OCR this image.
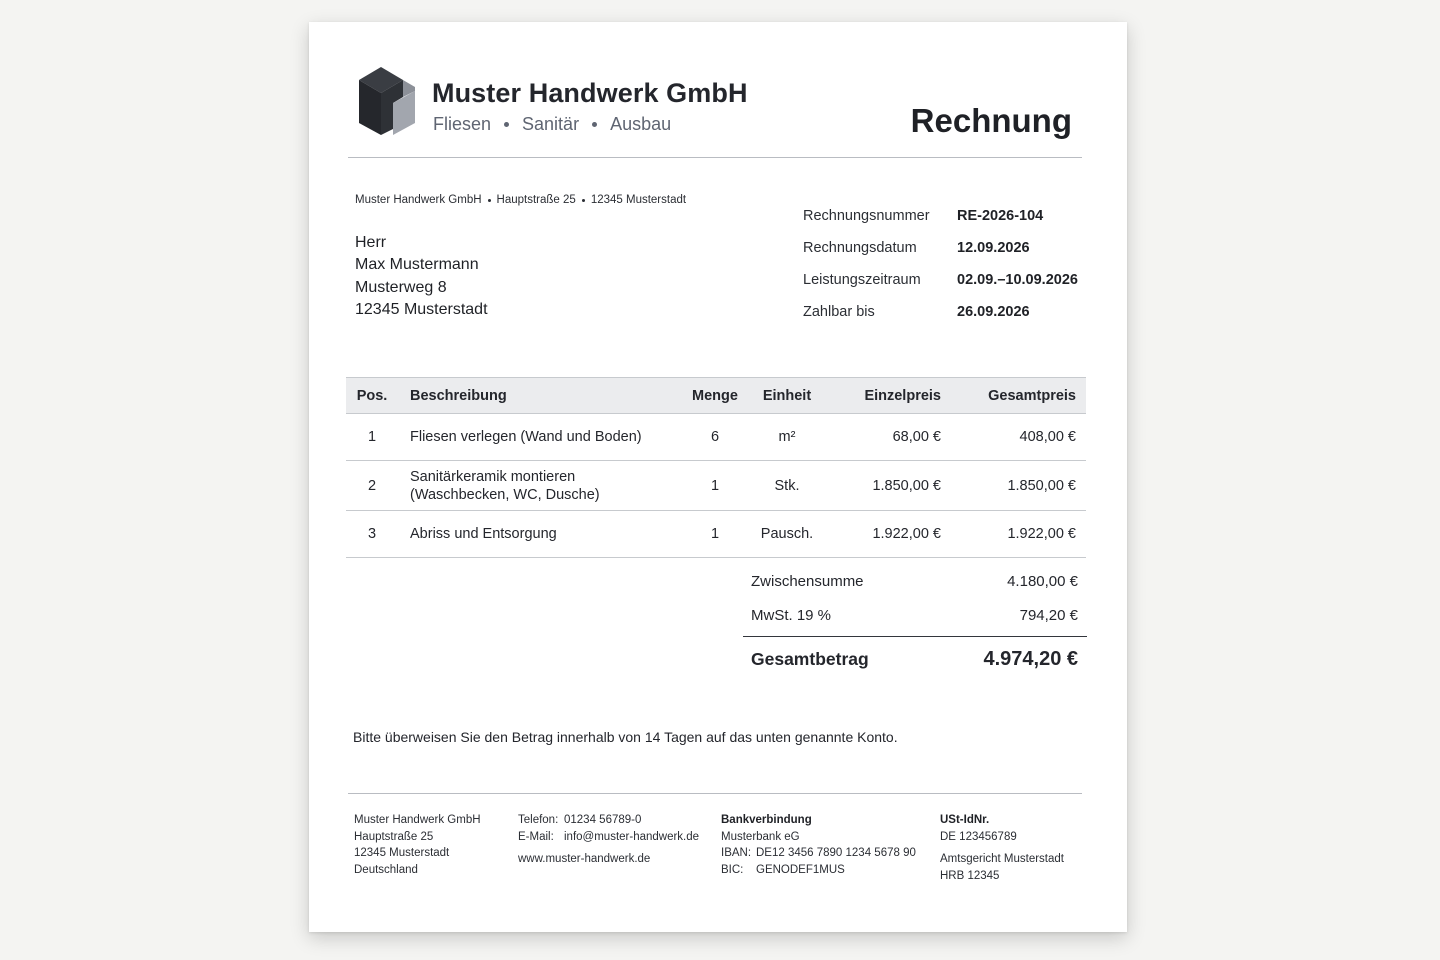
Muster Handwerk GmbH
Fliesen Sanitär Ausbau	Rechnung
Muster Handwerk GmbH Hauptstraße 25 12345 Musterstadt
Herr
Max Mustermann
Musterweg 8
12345 Musterstadt
Rechnungsnummer	RE-2026-104
Rechnungsdatum	12.09.2026
Leistungszeitraum	02.09.–10.09.2026
Zahlbar bis	26.09.2026
Pos.	Beschreibung	Menge	Einheit	Einzelpreis	Gesamtpreis
1	Fliesen verlegen (Wand und Boden)	6	m²	68,00 €	408,00 €
2	Sanitärkeramik montieren (Waschbecken, WC, Dusche)	1	Stk.	1.850,00 €	1.850,00 €
3	Abriss und Entsorgung	1	Pausch.	1.922,00 €	1.922,00 €
Zwischensumme	4.180,00 €
MwSt. 19 %	794,20 €
Gesamtbetrag	4.974,20 €
Bitte überweisen Sie den Betrag innerhalb von 14 Tagen auf das unten genannte Konto.
Muster Handwerk GmbH
Hauptstraße 25
12345 Musterstadt
Deutschland
Telefon: 01234 56789-0
E-Mail: info@muster-handwerk.de
www.muster-handwerk.de
Bankverbindung
Musterbank eG
IBAN: DE12 3456 7890 1234 5678 90
BIC:	GENODEF1MUS
USt-IdNr.
DE 123456789
Amtsgericht Musterstadt
HRB 12345
